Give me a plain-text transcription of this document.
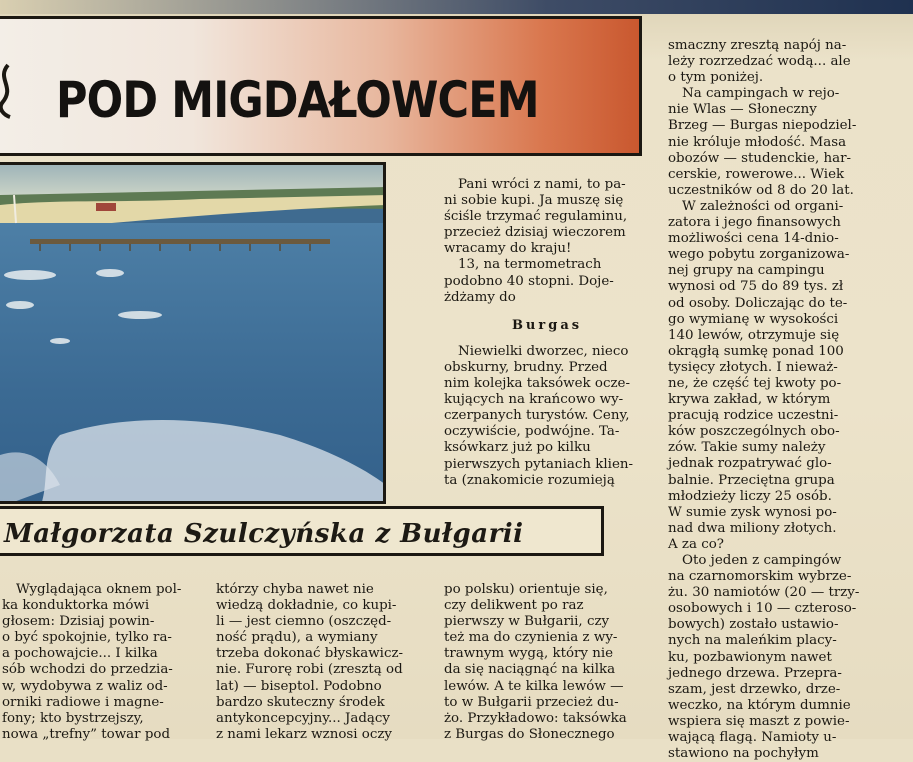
POD MIGDAŁOWCEM
Małgorzata Szulczyńska z Bułgarii
Pani wróci z nami, to pa-
ni sobie kupi. Ja muszę się
ściśle trzymać regulaminu,
przecież dzisiaj wieczorem
wracamy do kraju!
13, na termometrach
podobno 40 stopni. Doje-
żdżamy do
Burgas
Niewielki dworzec, nieco
obskurny, brudny. Przed
nim kolejka taksówek ocze-
kujących na krańcowo wy-
czerpanych turystów. Ceny,
oczywiście, podwójne. Ta-
ksówkarz już po kilku
pierwszych pytaniach klien-
ta (znakomicie rozumieją
smaczny zresztą napój na-
leży rozrzedzać wodą... ale
o tym poniżej.
Na campingach w rejo-
nie Wlas — Słoneczny
Brzeg — Burgas niepodziel-
nie króluje młodość. Masa
obozów — studenckie, har-
cerskie, rowerowe... Wiek
uczestników od 8 do 20 lat.
W zależności od organi-
zatora i jego finansowych
możliwości cena 14-dnio-
wego pobytu zorganizowa-
nej grupy na campingu
wynosi od 75 do 89 tys. zł
od osoby. Doliczając do te-
go wymianę w wysokości
140 lewów, otrzymuje się
okrągłą sumkę ponad 100
tysięcy złotych. I nieważ-
ne, że część tej kwoty po-
krywa zakład, w którym
pracują rodzice uczestni-
ków poszczególnych obo-
zów. Takie sumy należy
jednak rozpatrywać glo-
balnie. Przeciętna grupa
młodzieży liczy 25 osób.
W sumie zysk wynosi po-
nad dwa miliony złotych.
A za co?
Oto jeden z campingów
na czarnomorskim wybrze-
żu. 30 namiotów (20 — trzy-
osobowych i 10 — czteroso-
bowych) zostało ustawio-
nych na maleńkim placy-
ku, pozbawionym nawet
jednego drzewa. Przepra-
szam, jest drzewko, drze-
weczko, na którym dumnie
wspiera się maszt z powie-
wającą flagą. Namioty u-
stawiono na pochyłym
Wyglądająca oknem pol-
ka konduktorka mówi
głosem: Dzisiaj powin-
o być spokojnie, tylko ra-
a pochowajcie... I kilka
sób wchodzi do przedzia-
w, wydobywa z waliz od-
orniki radiowe i magne-
fony; kto bystrzejszy,
nowa „trefny” towar pod
którzy chyba nawet nie
wiedzą dokładnie, co kupi-
li — jest ciemno (oszczęd-
ność prądu), a wymiany
trzeba dokonać błyskawicz-
nie. Furorę robi (zresztą od
lat) — biseptol. Podobno
bardzo skuteczny środek
antykoncepcyjny... Jadący
z nami lekarz wznosi oczy
po polsku) orientuje się,
czy delikwent po raz
pierwszy w Bułgarii, czy
też ma do czynienia z wy-
trawnym wygą, który nie
da się naciągnąć na kilka
lewów. A te kilka lewów —
to w Bułgarii przecież du-
żo. Przykładowo: taksówka
z Burgas do Słonecznego
